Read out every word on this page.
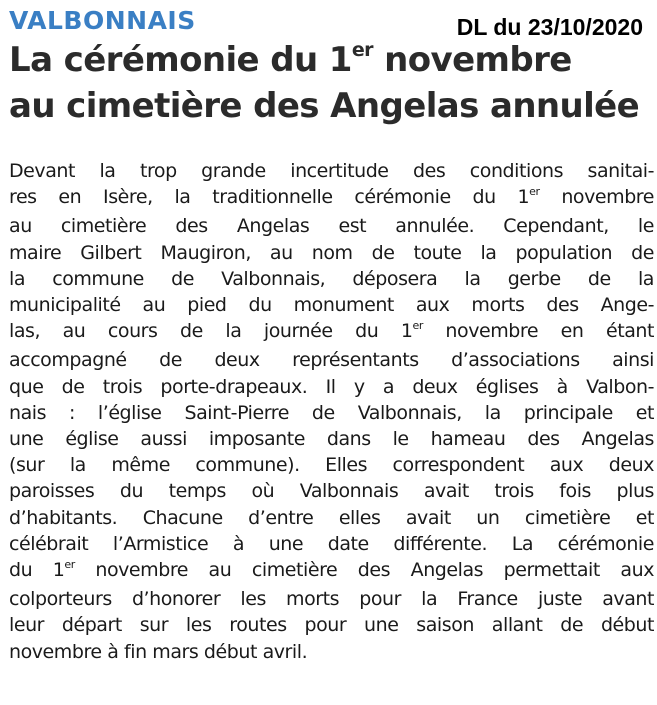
VALBONNAIS	DL du 23/10/2020
La cérémonie du 1er novembre
au cimetière des Angelas annulée
Devant la trop grande incertitude des conditions sanitai-
res en Isère, la traditionnelle cérémonie du 1er novembre
au cimetière des Angelas est annulée. Cependant, le
maire Gilbert Maugiron, au nom de toute la population de
la commune de Valbonnais, déposera la gerbe de la
municipalité au pied du monument aux morts des Ange-
las, au cours de la journée du 1er novembre en étant
accompagné de deux représentants d’associations ainsi
que de trois porte-drapeaux. Il y a deux églises à Valbon-
nais : l’église Saint-Pierre de Valbonnais, la principale et
une église aussi imposante dans le hameau des Angelas
(sur la même commune). Elles correspondent aux deux
paroisses du temps où Valbonnais avait trois fois plus
d’habitants. Chacune d’entre elles avait un cimetière et
célébrait l’Armistice à une date différente. La cérémonie
du 1er novembre au cimetière des Angelas permettait aux
colporteurs d’honorer les morts pour la France juste avant
leur départ sur les routes pour une saison allant de début
novembre à fin mars début avril.
